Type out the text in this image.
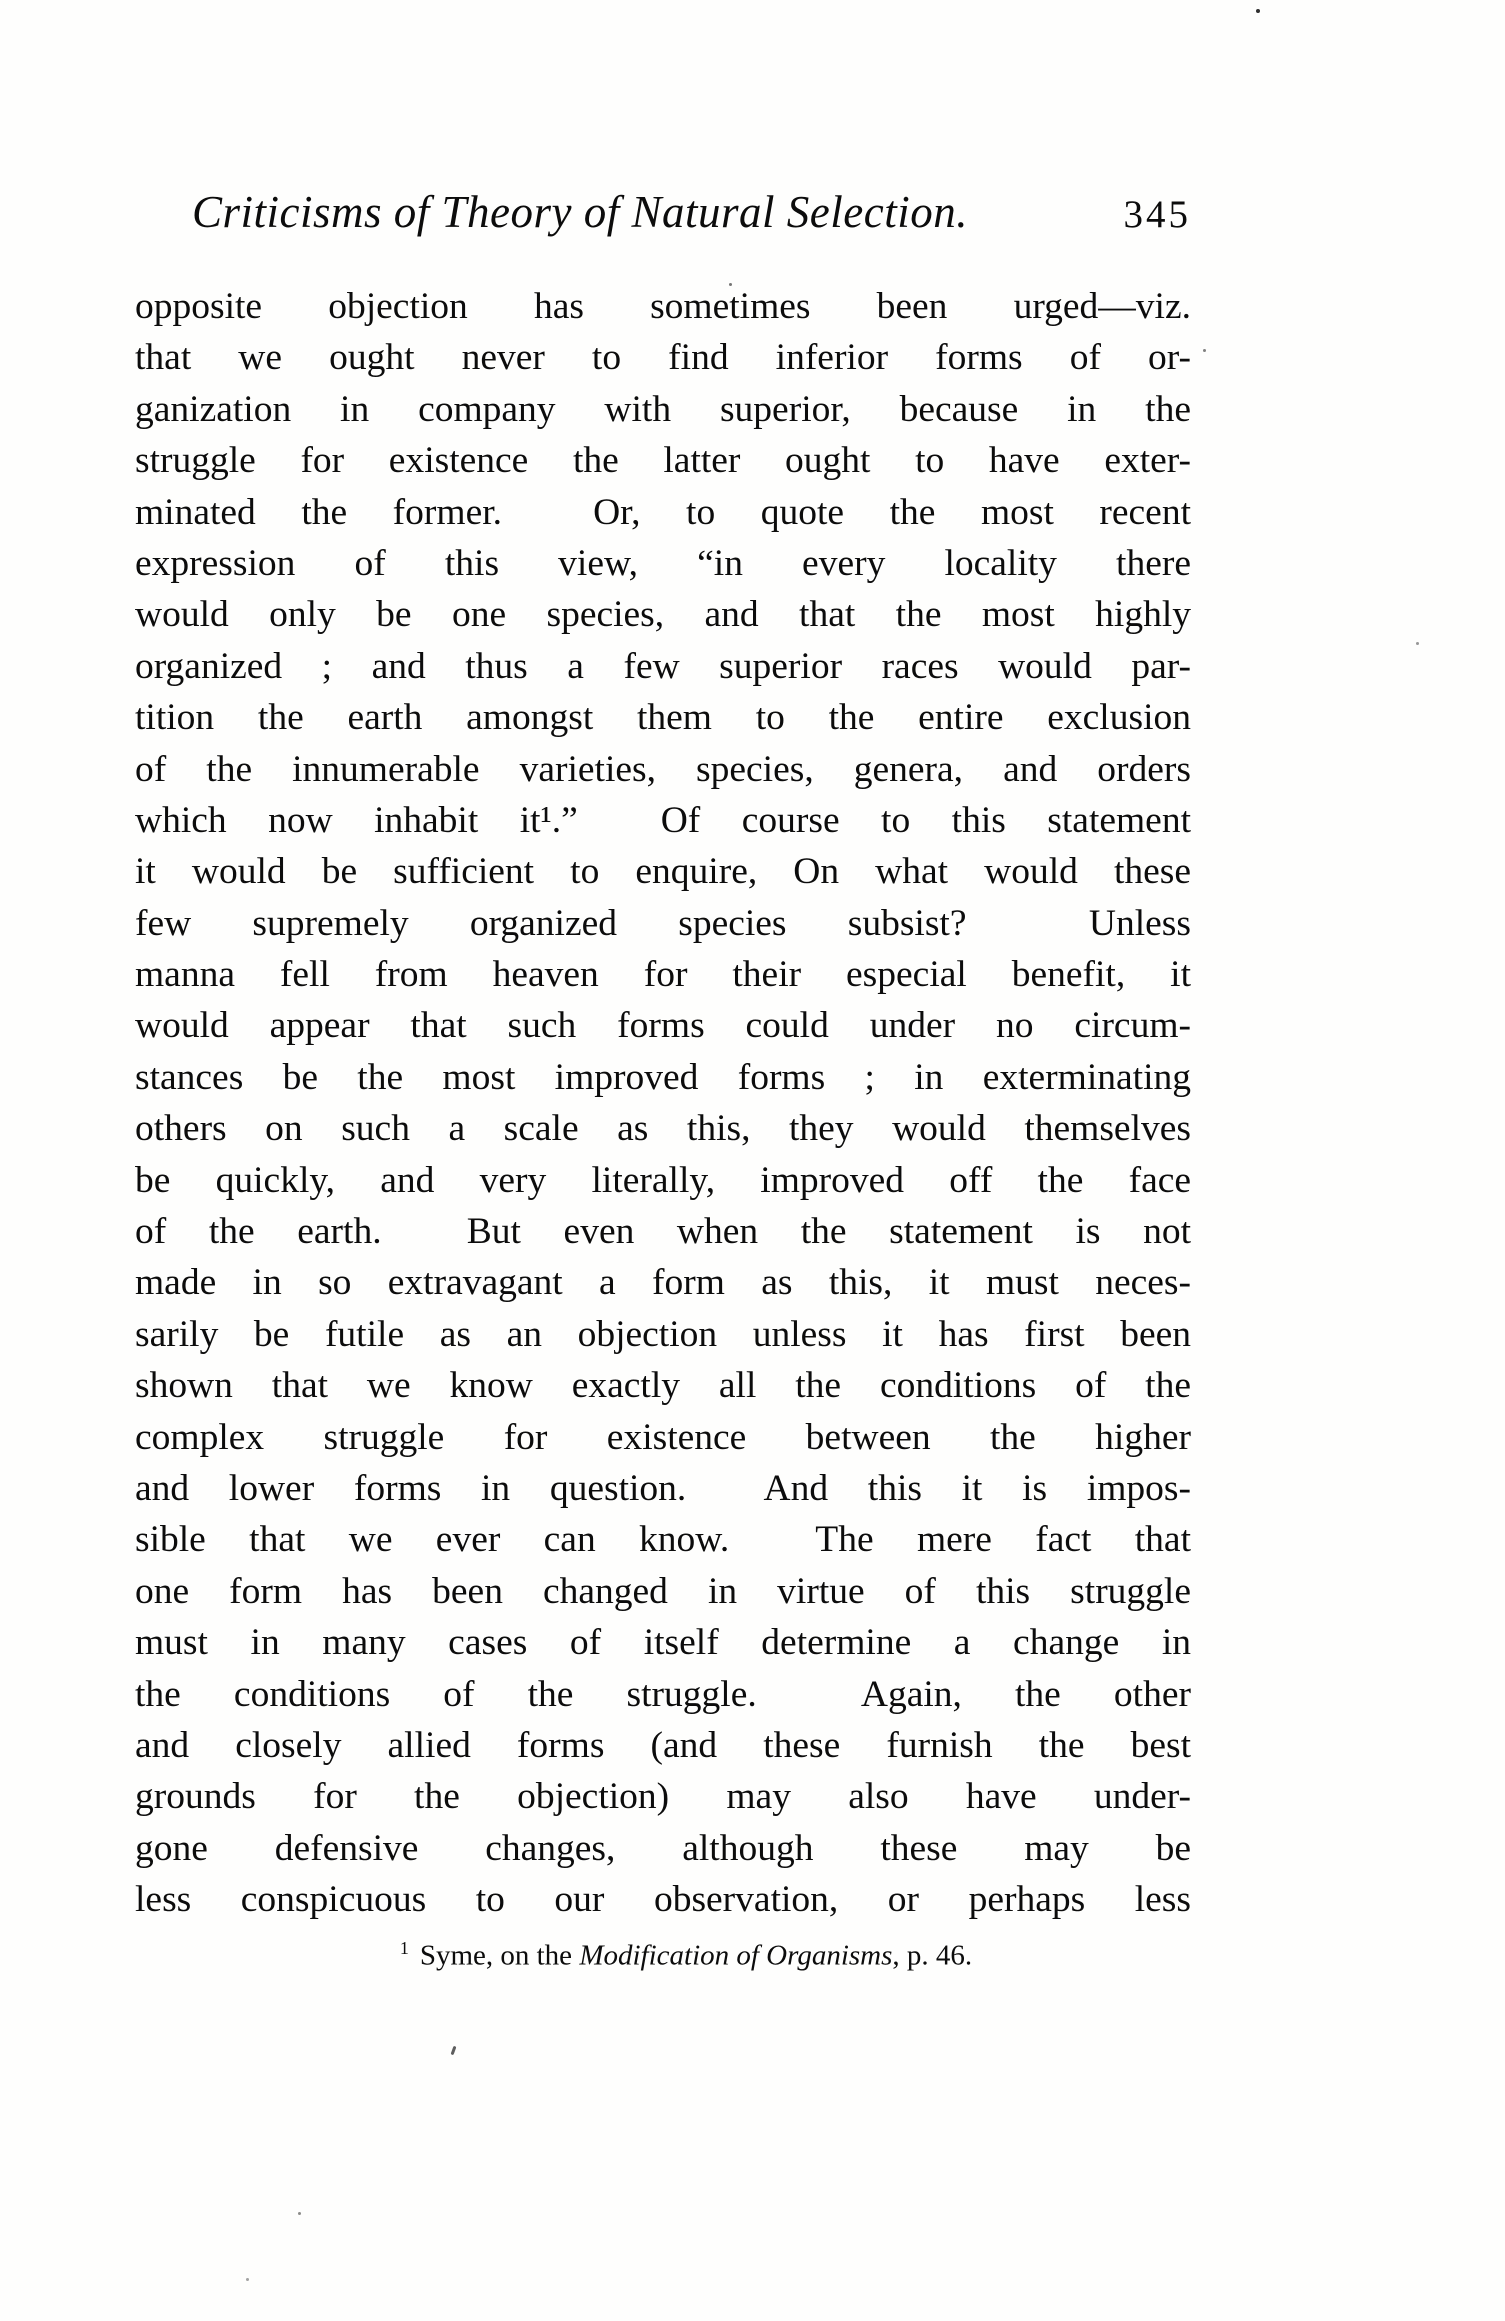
Criticisms of Theory of Natural Selection.	345
opposite objection has sometimes been urged—viz.
that we ought never to find inferior forms of or-
ganization in company with superior, because in the
struggle for existence the latter ought to have exter-
minated the former.  Or, to quote the most recent
expression of this view, “in every locality there
would only be one species, and that the most highly
organized ; and thus a few superior races would par-
tition the earth amongst them to the entire exclusion
of the innumerable varieties, species, genera, and orders
which now inhabit it¹.”  Of course to this statement
it would be sufficient to enquire, On what would these
few supremely organized species subsist?  Unless
manna fell from heaven for their especial benefit, it
would appear that such forms could under no circum-
stances be the most improved forms ; in exterminating
others on such a scale as this, they would themselves
be quickly, and very literally, improved off the face
of the earth.  But even when the statement is not
made in so extravagant a form as this, it must neces-
sarily be futile as an objection unless it has first been
shown that we know exactly all the conditions of the
complex struggle for existence between the higher
and lower forms in question.  And this it is impos-
sible that we ever can know.  The mere fact that
one form has been changed in virtue of this struggle
must in many cases of itself determine a change in
the conditions of the struggle.  Again, the other
and closely allied forms (and these furnish the best
grounds for the objection) may also have under-
gone defensive changes, although these may be
less conspicuous to our observation, or perhaps less
$^1$ Syme, on the Modification of Organisms, p. 46.
